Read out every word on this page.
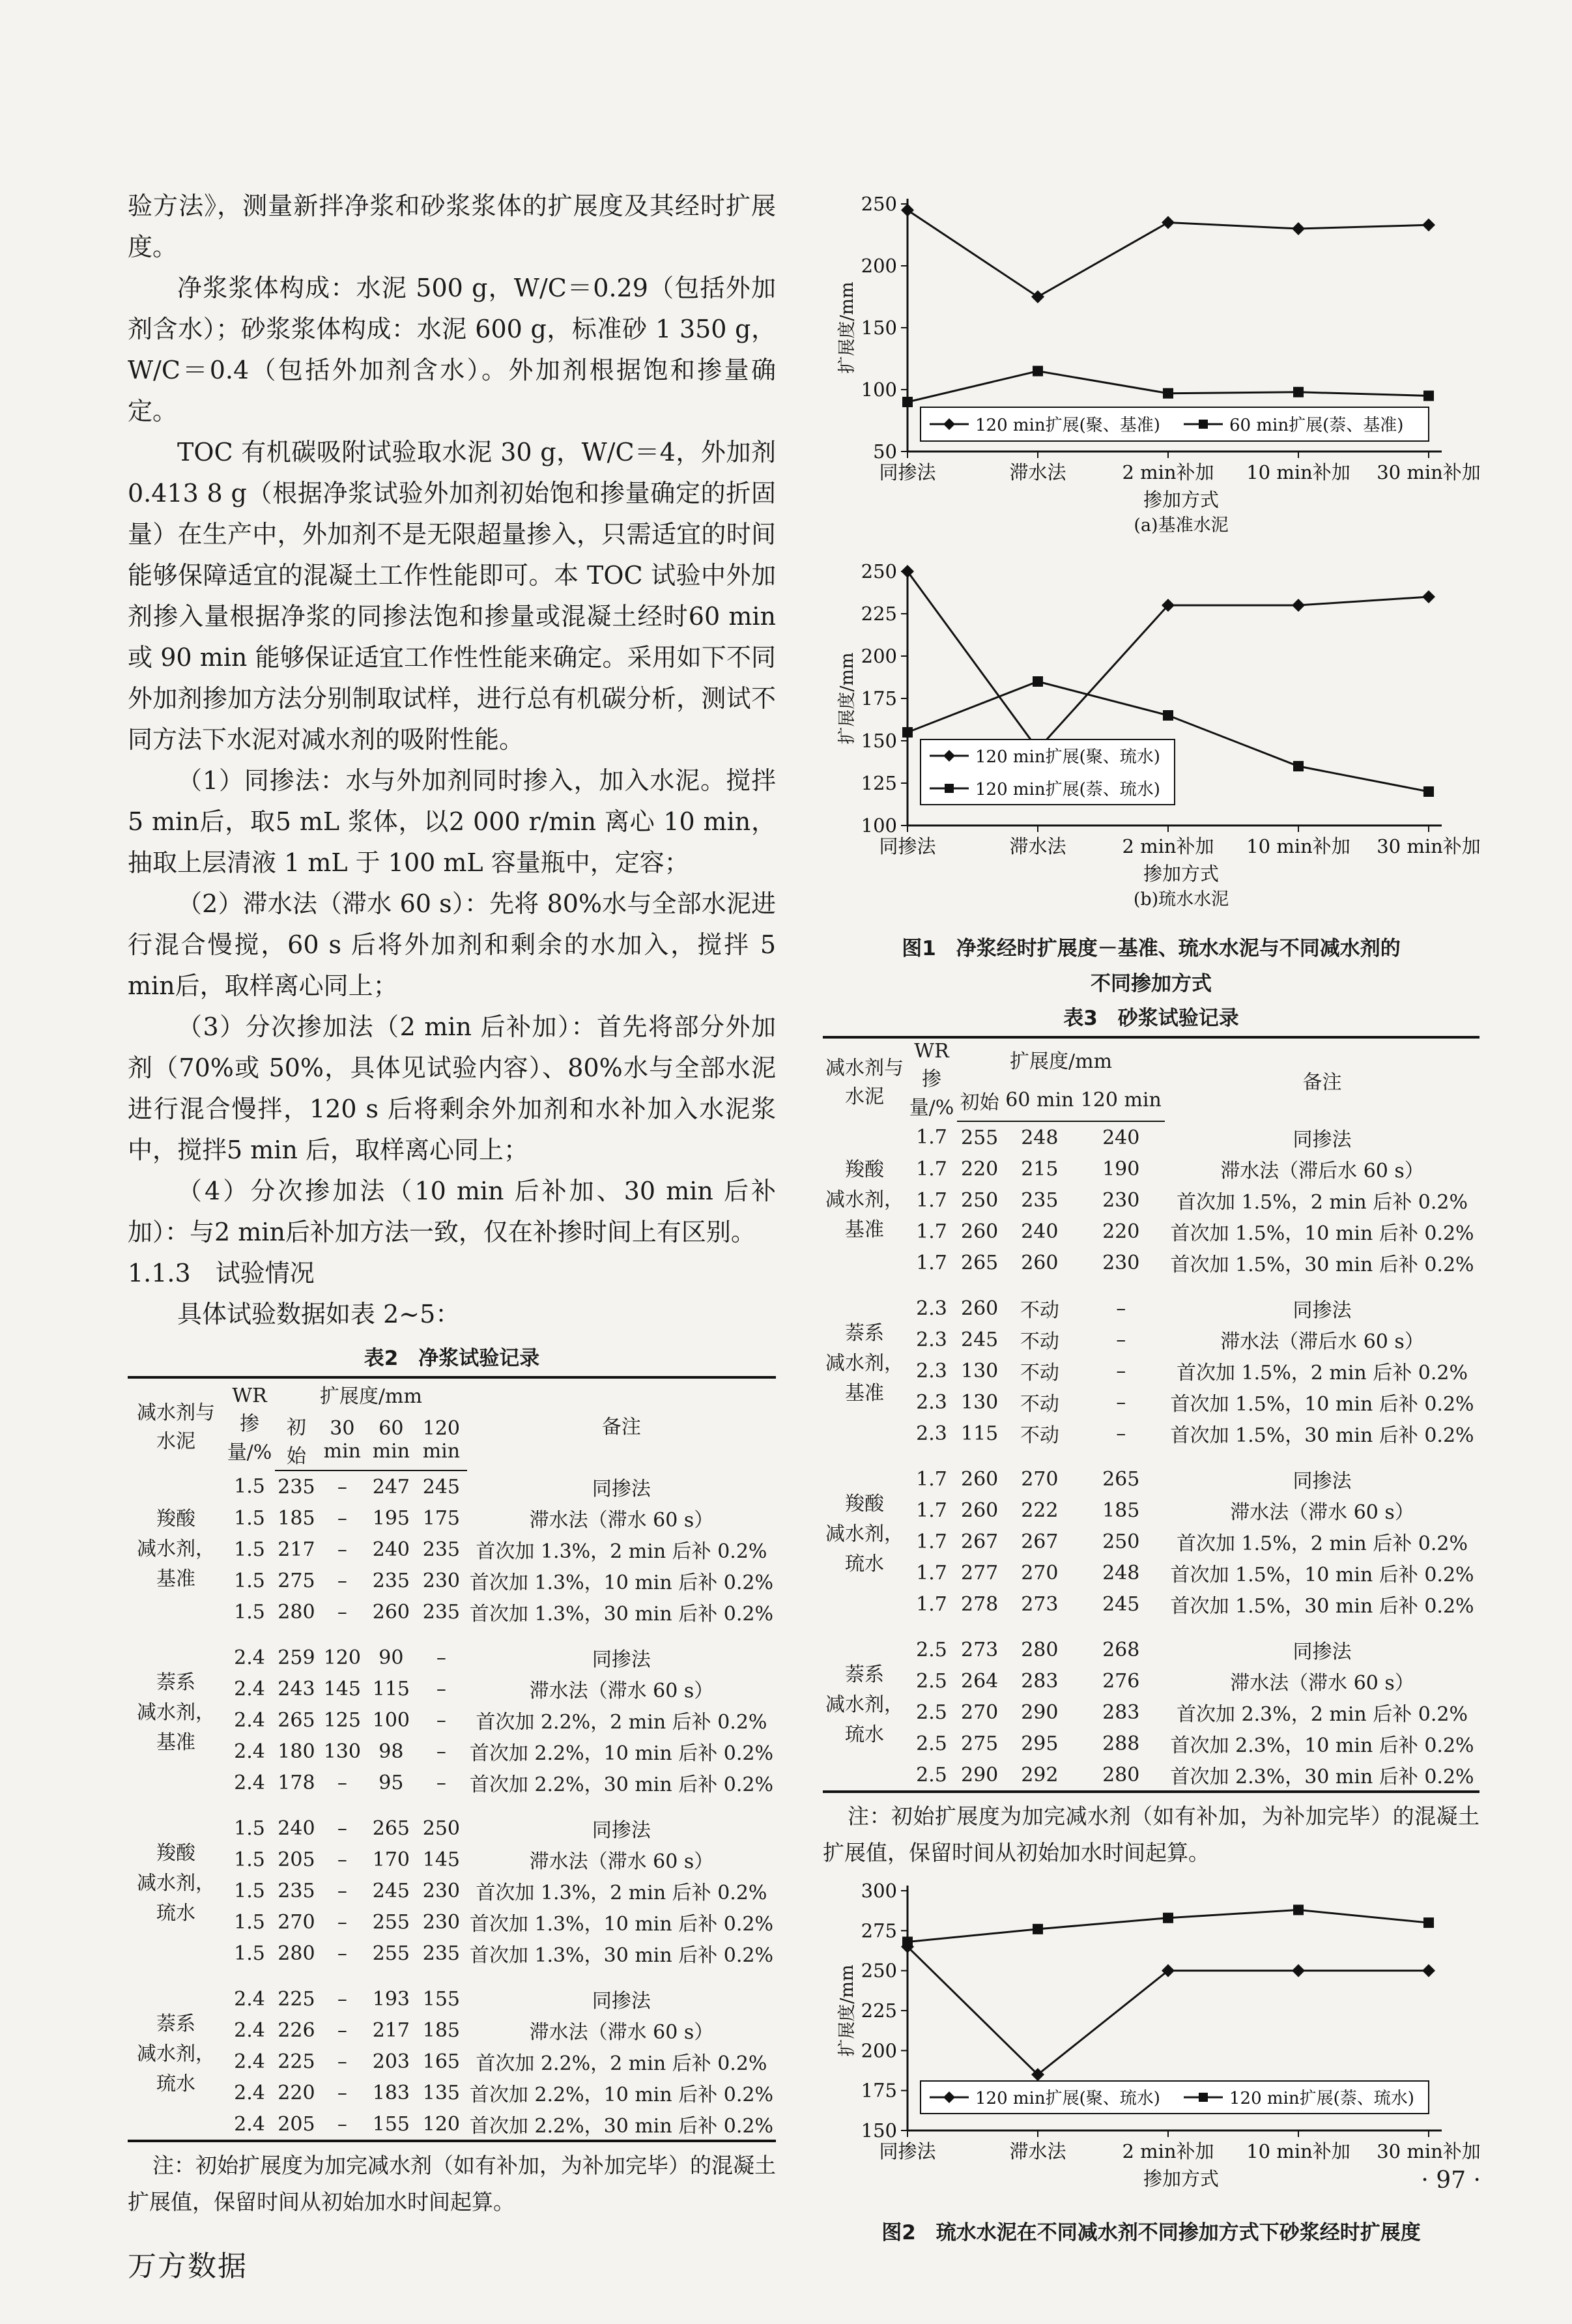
验方法》，测量新拌净浆和砂浆浆体的扩展度及其经时扩展度。

净浆浆体构成：水泥 500 g，W/C＝0.29（包括外加剂含水）；砂浆浆体构成：水泥 600 g，标准砂 1 350 g，W/C＝0.4（包括外加剂含水）。外加剂根据饱和掺量确定。

TOC 有机碳吸附试验取水泥 30 g，W/C＝4，外加剂0.413 8 g（根据净浆试验外加剂初始饱和掺量确定的折固量）在生产中，外加剂不是无限超量掺入，只需适宜的时间能够保障适宜的混凝土工作性能即可。本 TOC 试验中外加剂掺入量根据净浆的同掺法饱和掺量或混凝土经时60 min或 90 min 能够保证适宜工作性性能来确定。采用如下不同外加剂掺加方法分别制取试样，进行总有机碳分析，测试不同方法下水泥对减水剂的吸附性能。

（1）同掺法：水与外加剂同时掺入，加入水泥。搅拌5 min后，取5 mL 浆体，以2 000 r/min 离心 10 min，抽取上层清液 1 mL 于 100 mL 容量瓶中，定容；

（2）滞水法（滞水 60 s）：先将 80%水与全部水泥进行混合慢搅，60 s 后将外加剂和剩余的水加入，搅拌 5 min后，取样离心同上；

（3）分次掺加法（2 min 后补加）：首先将部分外加剂（70%或 50%，具体见试验内容）、80%水与全部水泥进行混合慢拌，120 s 后将剩余外加剂和水补加入水泥浆中，搅拌5 min 后，取样离心同上；

（4）分次掺加法（10 min 后补加、30 min 后补加）：与2 min后补加方法一致，仅在补掺时间上有区别。

1.1.3　试验情况

具体试验数据如表 2~5：

表2　净浆试验记录
减水剂与水泥	WR掺量/%	扩展度/mm				备注
		初始	30 min	60 min	120 min	

羧酸
减水剂，
基准	1.5	235	–	247	245	同掺法
	1.5	185	–	195	175	滞水法（滞水 60 s）
	1.5	217	–	240	235	首次加 1.3%，2 min 后补 0.2%
	1.5	275	–	235	230	首次加 1.3%，10 min 后补 0.2%
	1.5	280	–	260	235	首次加 1.3%，30 min 后补 0.2%

萘系
减水剂，
基准	2.4	259	120	90	–	同掺法
	2.4	243	145	115	–	滞水法（滞水 60 s）
	2.4	265	125	100	–	首次加 2.2%，2 min 后补 0.2%
	2.4	180	130	98	–	首次加 2.2%，10 min 后补 0.2%
	2.4	178	–	95	–	首次加 2.2%，30 min 后补 0.2%

羧酸
减水剂，
琉水	1.5	240	–	265	250	同掺法
	1.5	205	–	170	145	滞水法（滞水 60 s）
	1.5	235	–	245	230	首次加 1.3%，2 min 后补 0.2%
	1.5	270	–	255	230	首次加 1.3%，10 min 后补 0.2%
	1.5	280	–	255	235	首次加 1.3%，30 min 后补 0.2%

萘系
减水剂，
琉水	2.4	225	–	193	155	同掺法
	2.4	226	–	217	185	滞水法（滞水 60 s）
	2.4	225	–	203	165	首次加 2.2%，2 min 后补 0.2%
	2.4	220	–	183	135	首次加 2.2%，10 min 后补 0.2%
	2.4	205	–	155	120	首次加 2.2%，30 min 后补 0.2%

注：初始扩展度为加完减水剂（如有补加，为补加完毕）的混凝土扩展值，保留时间从初始加水时间起算。

50
100
150
200
250
同掺法	滞水法	2 min补加 10 min补加 30 min补加
掺加方式
(a)基准水泥
扩展度/mm
120 min扩展(聚、基准)	60 min扩展(萘、基准)

100
125
150
175
200
225
250
同掺法	滞水法	2 min补加 10 min补加 30 min补加
掺加方式
(b)琉水水泥
扩展度/mm
120 min扩展(聚、琉水)
120 min扩展(萘、琉水)
图1　净浆经时扩展度－基准、琉水水泥与不同减水剂的
不同掺加方式
表3　砂浆试验记录
减水剂与水泥	WR掺量/%	扩展度/mm			备注
		初始	60 min	120 min	

羧酸
减水剂，
基准	1.7	255	248	240	同掺法
	1.7	220	215	190	滞水法（滞后水 60 s）
	1.7	250	235	230	首次加 1.5%，2 min 后补 0.2%
	1.7	260	240	220	首次加 1.5%，10 min 后补 0.2%
	1.7	265	260	230	首次加 1.5%，30 min 后补 0.2%

萘系
减水剂，
基准	2.3	260	不动	–	同掺法
	2.3	245	不动	–	滞水法（滞后水 60 s）
	2.3	130	不动	–	首次加 1.5%，2 min 后补 0.2%
	2.3	130	不动	–	首次加 1.5%，10 min 后补 0.2%
	2.3	115	不动	–	首次加 1.5%，30 min 后补 0.2%

羧酸
减水剂，
琉水	1.7	260	270	265	同掺法
	1.7	260	222	185	滞水法（滞水 60 s）
	1.7	267	267	250	首次加 1.5%，2 min 后补 0.2%
	1.7	277	270	248	首次加 1.5%，10 min 后补 0.2%
	1.7	278	273	245	首次加 1.5%，30 min 后补 0.2%

萘系
减水剂，
琉水	2.5	273	280	268	同掺法
	2.5	264	283	276	滞水法（滞水 60 s）
	2.5	270	290	283	首次加 2.3%，2 min 后补 0.2%
	2.5	275	295	288	首次加 2.3%，10 min 后补 0.2%
	2.5	290	292	280	首次加 2.3%，30 min 后补 0.2%

注：初始扩展度为加完减水剂（如有补加，为补加完毕）的混凝土扩展值，保留时间从初始加水时间起算。

150
175
200
225
250
275
300
同掺法	滞水法	2 min补加 10 min补加 30 min补加
掺加方式
扩展度/mm
120 min扩展(聚、琉水)	120 min扩展(萘、琉水)
图2　琉水水泥在不同减水剂不同掺加方式下砂浆经时扩展度
· 97 ·
万方数据
